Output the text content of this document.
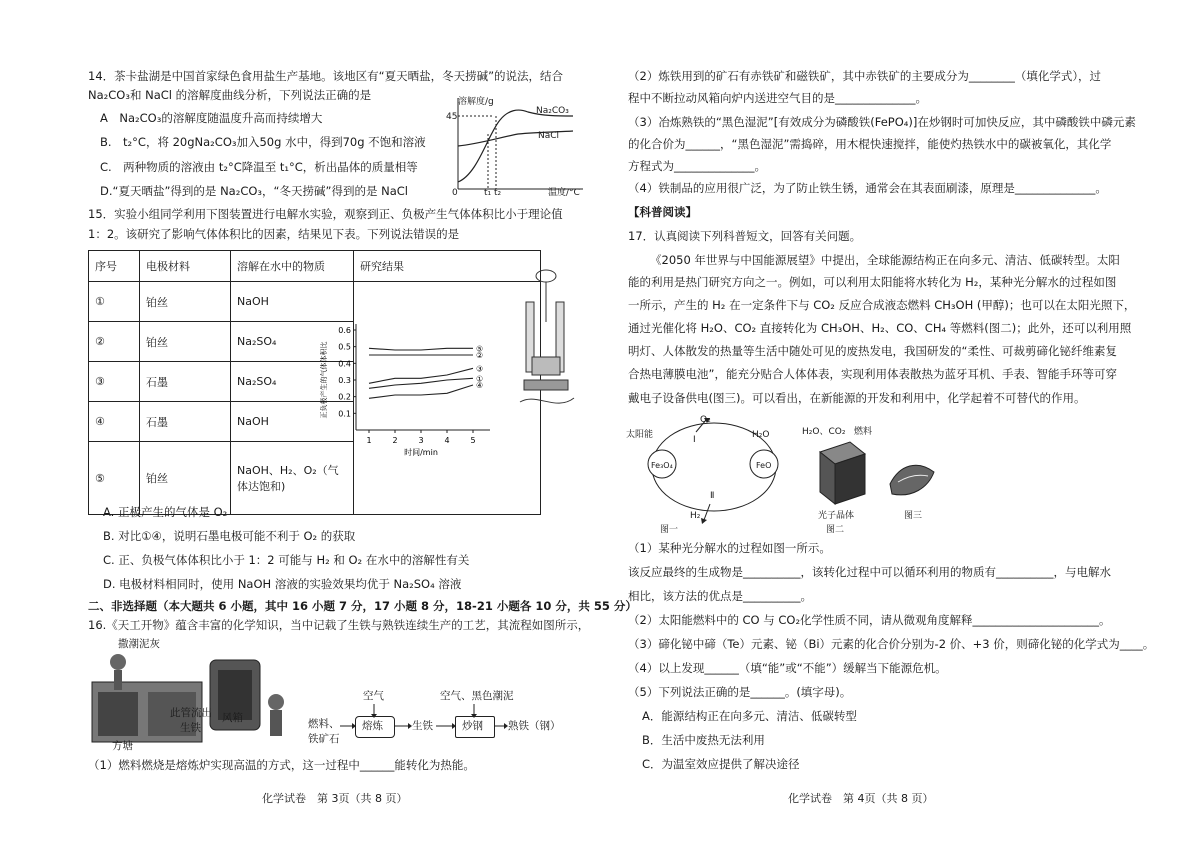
14．茶卡盐湖是中国首家绿色食用盐生产基地。该地区有“夏天晒盐，冬天捞碱”的说法，结合
Na₂CO₃和 NaCl 的溶解度曲线分析，下列说法正确的是
A　Na₂CO₃的溶解度随温度升高而持续增大
B.　t₂°C，将 20gNa₂CO₃加入50g 水中，得到70g 不饱和溶液
C.　两种物质的溶液由 t₂°C降温至 t₁°C，析出晶体的质量相等
D.“夏天晒盐”得到的是 Na₂CO₃，“冬天捞碱”得到的是 NaCl
溶解度/g
45
Na₂CO₃
NaCl
0	t₁ t₂	温度/°C
15．实验小组同学利用下图装置进行电解水实验，观察到正、负极产生气体体积比小于理论值
1：2。该研究了影响气体体积比的因素，结果见下表。下列说法错误的是
序号	电极材料	溶解在水中的物质	研究结果
①	铂丝	NaOH	
②	铂丝	Na₂SO₄	
③	石墨	Na₂SO₄	
④	石墨	NaOH	
⑤	铂丝	NaOH、H₂、O₂（气
体达饱和)	
0.1
0.2
0.3
0.4
0.5
0.6
1	2	3	4	5
时间/min
正负极产生的气体体积比	⑤
②
③
①
④
A. 正极产生的气体是 O₂
B. 对比①④，说明石墨电极可能不利于 O₂ 的获取
C. 正、负极气体体积比小于 1：2 可能与 H₂ 和 O₂ 在水中的溶解性有关
D. 电极材料相同时，使用 NaOH 溶液的实验效果均优于 Na₂SO₄ 溶液
二、非选择题（本大题共 6 小题，其中 16 小题 7 分，17 小题 8 分，18-21 小题各 10 分，共 55 分）
16.《天工开物》蕴含丰富的化学知识，当中记载了生铁与熟铁连续生产的工艺，其流程如图所示，
撒潮泥灰
此管流出
生铁
风箱
方塘
空气	空气、黑色潮泥
燃料、
铁矿石
熔炼	生铁	炒钢 熟铁（钢）
（1）燃料燃烧是熔炼炉实现高温的方式，这一过程中______能转化为热能。
化学试卷　第 3页（共 8 页）
（2）炼铁用到的矿石有赤铁矿和磁铁矿，其中赤铁矿的主要成分为________（填化学式），过
程中不断拉动风箱向炉内送进空气目的是______________。
（3）冶炼熟铁的“黑色湿泥”[有效成分为磷酸铁(FePO₄)]在炒钢时可加快反应，其中磷酸铁中磷元素
的化合价为______，“黑色湿泥”需捣碎，用木棍快速搅拌，能使灼热铁水中的碳被氧化，其化学
方程式为______________。
（4）铁制品的应用很广泛，为了防止铁生锈，通常会在其表面刷漆，原理是______________。
【科普阅读】
17．认真阅读下列科普短文，回答有关问题。
《2050 年世界与中国能源展望》中提出，全球能源结构正在向多元、清洁、低碳转型。太阳
能的利用是热门研究方向之一。例如，可以利用太阳能将水转化为 H₂，某种光分解水的过程如图
一所示，产生的 H₂ 在一定条件下与 CO₂ 反应合成液态燃料 CH₃OH (甲醇)；也可以在太阳光照下，
通过光催化将 H₂O、CO₂ 直接转化为 CH₃OH、H₂、CO、CH₄ 等燃料(图二)；此外，还可以利用照
明灯、人体散发的热量等生活中随处可见的废热发电，我国研发的“柔性、可裁剪碲化铋纤维素复
合热电薄膜电池”，能充分贴合人体体表，实现利用体表散热为蓝牙耳机、手表、智能手环等可穿
戴电子设备供电(图三)。可以看出，在新能源的开发和利用中，化学起着不可替代的作用。
太阳能
O₂
H₂O
Fe₃O₄	FeO
H₂
Ⅰ
Ⅱ
图一
H₂O、CO₂ 燃料
光子晶体
图二
图三
（1）某种光分解水的过程如图一所示。
该反应最终的生成物是__________，该转化过程中可以循环利用的物质有__________，与电解水
相比，该方法的优点是__________。
（2）太阳能燃料中的 CO 与 CO₂化学性质不同，请从微观角度解释______________________。
（3）碲化铋中碲（Te）元素、铋（Bi）元素的化合价分别为-2 价、+3 价，则碲化铋的化学式为____。
（4）以上发现______（填“能”或“不能”）缓解当下能源危机。
（5）下列说法正确的是______。(填字母)。
A．能源结构正在向多元、清洁、低碳转型
B．生活中废热无法利用
C．为温室效应提供了解决途径
化学试卷　第 4页（共 8 页）
